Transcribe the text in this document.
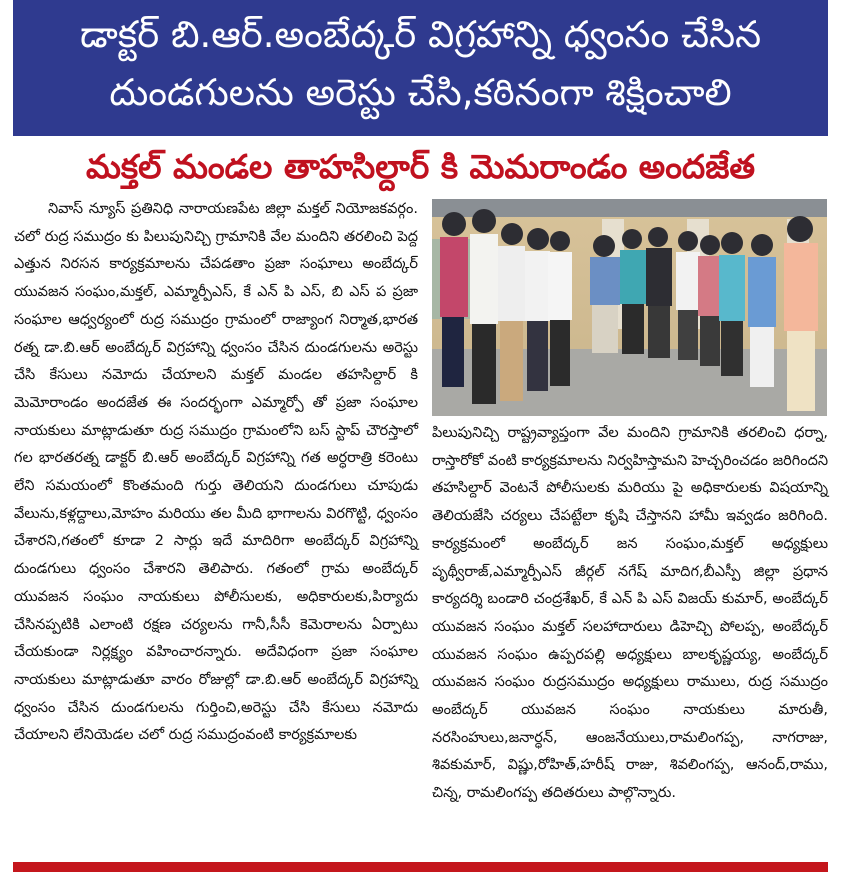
డాక్టర్ బి.ఆర్.అంబేద్కర్ విగ్రహాన్ని ధ్వంసం చేసిన
దుండగులను అరెస్టు చేసి,కఠినంగా శిక్షించాలి
మక్తల్ మండల తాహసిల్దార్ కి మెమరాండం అందజేత

నివాస్ న్యూస్ ప్రతినిధి నారాయణపేట జిల్లా మక్తల్ నియోజకవర్గం. చలో రుద్ర సముద్రం కు పిలుపునిచ్చి గ్రామానికి వేల మందిని తరలించి పెద్ద ఎత్తున నిరసన కార్యక్రమాలను చేపడతాం ప్రజా సంఘాలు అంబేద్కర్ యువజన సంఘం,మక్తల్, ఎమ్మార్పీఎస్, కే ఎన్ పి ఎస్, బి ఎస్ ప ప్రజా సంఘాల ఆధ్వర్యంలో రుద్ర సముద్రం గ్రామంలో రాజ్యాంగ నిర్మాత,భారత రత్న డా.బి.ఆర్ అంబేద్కర్ విగ్రహాన్ని ధ్వంసం చేసిన దుండగులను అరెస్టు చేసి కేసులు నమోదు చేయాలని మక్తల్ మండల తహసిల్దార్ కి మెమోరాండం అందజేత ఈ సందర్భంగా ఎమ్మార్పో తో ప్రజా సంఘాల నాయకులు మాట్లాడుతూ రుద్ర సముద్రం గ్రామంలోని బస్ స్టాప్ చౌరస్తాలో గల భారతరత్న డాక్టర్ బి.ఆర్ అంబేద్కర్ విగ్రహాన్ని గత అర్ధరాత్రి కరెంటు లేని సమయంలో కొంతమంది గుర్తు తెలియని దుండగులు చూపుడు వేలును,కళ్లద్దాలు,మోహం మరియు తల మీది భాగాలను విరగొట్టి, ధ్వంసం చేశారని,గతంలో కూడా 2 సార్లు ఇదే మాదిరిగా అంబేద్కర్ విగ్రహాన్ని దుండగులు ధ్వంసం చేశారని తెలిపారు. గతంలో గ్రామ అంబేద్కర్ యువజన సంఘం నాయకులు పోలీసులకు, అధికారులకు,పిర్యాదు చేసినప్పటికి ఎలాంటి రక్షణ చర్యలను గానీ,సీసీ కెమెరాలను ఏర్పాటు చేయకుండా నిర్లక్ష్యం వహించారన్నారు. అదేవిధంగా ప్రజా సంఘాల నాయకులు మాట్లాడుతూ వారం రోజుల్లో డా.బి.ఆర్ అంబేద్కర్ విగ్రహాన్ని ధ్వంసం చేసిన దుండగులను గుర్తించి,అరెస్టు చేసి కేసులు నమోదు చేయాలని లేనియెడల చలో రుద్ర సముద్రంవంటి కార్యక్రమాలకు

పిలుపునిచ్చి రాష్ట్రవ్యాప్తంగా వేల మందిని గ్రామానికి తరలించి ధర్నా, రాస్తారోకో వంటి కార్యక్రమాలను నిర్వహిస్తామని హెచ్చరించడం జరిగిందని తహసిల్దార్ వెంటనే పోలీసులకు మరియు పై అధికారులకు విషయాన్ని తెలియజేసి చర్యలు చేపట్టేలా కృషి చేస్తానని హామీ ఇవ్వడం జరిగింది. కార్యక్రమంలో అంబేద్కర్ జన సంఘం,మక్తల్ అధ్యక్షులు పృథ్వీరాజ్,ఎమ్మార్పీఎస్ జీర్గల్ నగేష్ మాదిగ,బీఎస్పీ జిల్లా ప్రధాన కార్యదర్శి బండారి చంద్రశేఖర్, కే ఎన్ పి ఎస్ విజయ్ కుమార్, అంబేద్కర్ యువజన సంఘం మక్తల్ సలహాదారులు డిహెచ్చి పోలప్ప, అంబేద్కర్ యువజన సంఘం ఉప్పరపల్లి అధ్యక్షులు బాలకృష్ణయ్య, అంబేద్కర్ యువజన సంఘం రుద్రసముద్రం అధ్యక్షులు రాములు, రుద్ర సముద్రం అంబేద్కర్ యువజన సంఘం నాయకులు మారుతీ, నరసింహులు,జనార్ధన్, ఆంజనేయులు,రామలింగప్ప, నాగరాజు, శివకుమార్, విష్ణు,రోహిత్,హరీష్ రాజు, శివలింగప్ప, ఆనంద్,రాము, చిన్న, రామలింగప్ప తదితరులు పాల్గొన్నారు.
